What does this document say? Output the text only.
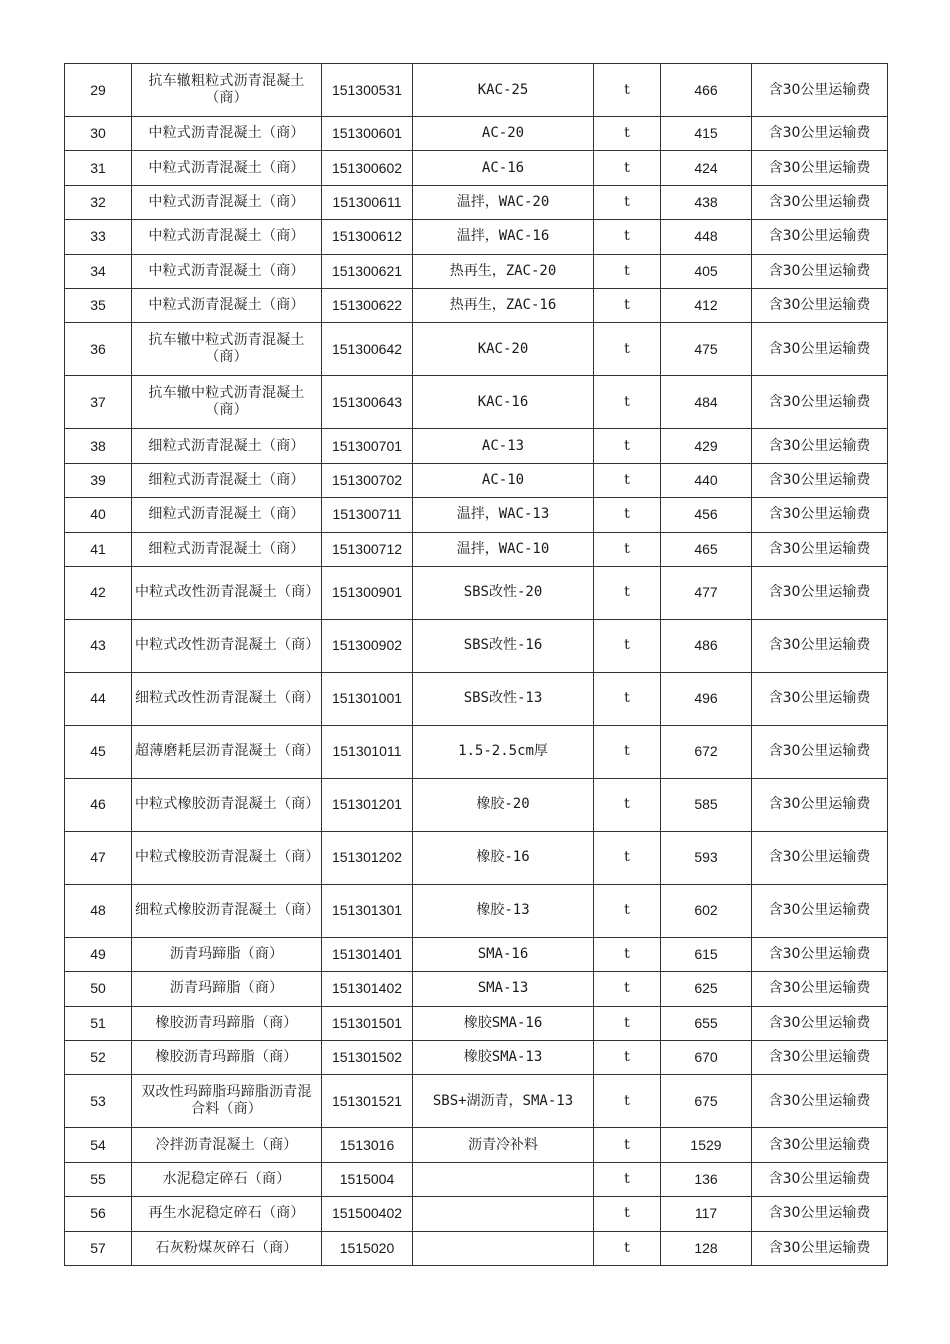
29	抗车辙粗粒式沥青混凝土（商）	151300531	KAC-25	t	466	含30公里运输费
30	中粒式沥青混凝土（商）	151300601	AC-20	t	415	含30公里运输费
31	中粒式沥青混凝土（商）	151300602	AC-16	t	424	含30公里运输费
32	中粒式沥青混凝土（商）	151300611	温拌，WAC-20	t	438	含30公里运输费
33	中粒式沥青混凝土（商）	151300612	温拌，WAC-16	t	448	含30公里运输费
34	中粒式沥青混凝土（商）	151300621	热再生，ZAC-20	t	405	含30公里运输费
35	中粒式沥青混凝土（商）	151300622	热再生，ZAC-16	t	412	含30公里运输费
36	抗车辙中粒式沥青混凝土（商）	151300642	KAC-20	t	475	含30公里运输费
37	抗车辙中粒式沥青混凝土（商）	151300643	KAC-16	t	484	含30公里运输费
38	细粒式沥青混凝土（商）	151300701	AC-13	t	429	含30公里运输费
39	细粒式沥青混凝土（商）	151300702	AC-10	t	440	含30公里运输费
40	细粒式沥青混凝土（商）	151300711	温拌，WAC-13	t	456	含30公里运输费
41	细粒式沥青混凝土（商）	151300712	温拌，WAC-10	t	465	含30公里运输费
42	中粒式改性沥青混凝土（商）	151300901	SBS改性-20	t	477	含30公里运输费
43	中粒式改性沥青混凝土（商）	151300902	SBS改性-16	t	486	含30公里运输费
44	细粒式改性沥青混凝土（商）	151301001	SBS改性-13	t	496	含30公里运输费
45	超薄磨耗层沥青混凝土（商）	151301011	1.5-2.5cm厚	t	672	含30公里运输费
46	中粒式橡胶沥青混凝土（商）	151301201	橡胶-20	t	585	含30公里运输费
47	中粒式橡胶沥青混凝土（商）	151301202	橡胶-16	t	593	含30公里运输费
48	细粒式橡胶沥青混凝土（商）	151301301	橡胶-13	t	602	含30公里运输费
49	沥青玛蹄脂（商）	151301401	SMA-16	t	615	含30公里运输费
50	沥青玛蹄脂（商）	151301402	SMA-13	t	625	含30公里运输费
51	橡胶沥青玛蹄脂（商）	151301501	橡胶SMA-16	t	655	含30公里运输费
52	橡胶沥青玛蹄脂（商）	151301502	橡胶SMA-13	t	670	含30公里运输费
53	双改性玛蹄脂玛蹄脂沥青混合料（商）	151301521	SBS+湖沥青，SMA-13	t	675	含30公里运输费
54	冷拌沥青混凝土（商）	1513016	沥青冷补料	t	1529	含30公里运输费
55	水泥稳定碎石（商）	1515004		t	136	含30公里运输费
56	再生水泥稳定碎石（商）	151500402		t	117	含30公里运输费
57	石灰粉煤灰碎石（商）	1515020		t	128	含30公里运输费
